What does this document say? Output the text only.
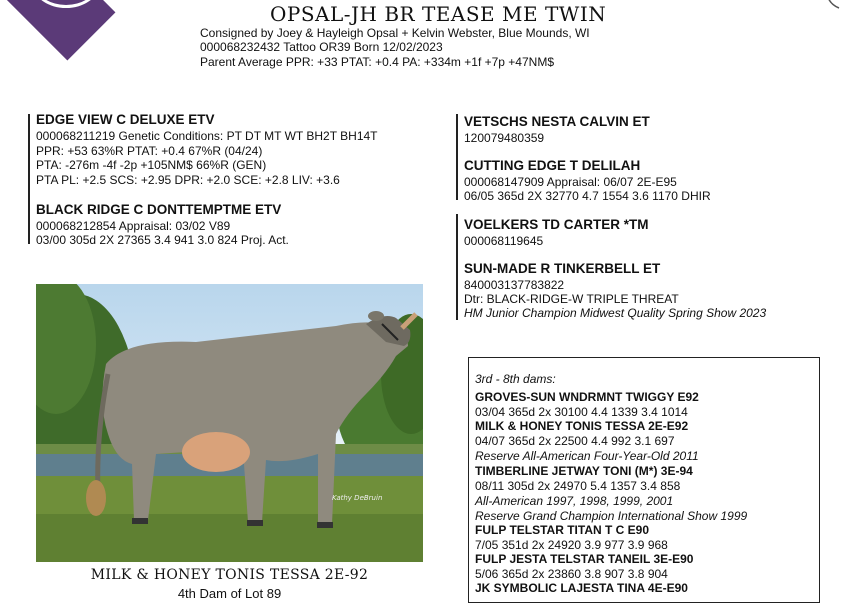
OPSAL-JH BR TEASE ME TWIN
Consigned by Joey & Hayleigh Opsal + Kelvin Webster, Blue Mounds, WI
000068232432 Tattoo OR39 Born 12/02/2023
Parent Average PPR: +33 PTAT: +0.4 PA: +334m +1f +7p +47NM$
EDGE VIEW C DELUXE ETV
000068211219 Genetic Conditions: PT DT MT WT BH2T BH14T
PPR: +53 63%R PTAT: +0.4 67%R (04/24)
PTA: -276m -4f -2p +105NM$ 66%R (GEN)
PTA PL: +2.5 SCS: +2.95 DPR: +2.0 SCE: +2.8 LIV: +3.6
BLACK RIDGE C DONTTEMPTME ETV
000068212854 Appraisal: 03/02 V89
03/00 305d 2X 27365 3.4 941 3.0 824 Proj. Act.
VETSCHS NESTA CALVIN ET
120079480359
CUTTING EDGE T DELILAH
000068147909 Appraisal: 06/07 2E-E95
06/05 365d 2X 32770 4.7 1554 3.6 1170 DHIR
VOELKERS TD CARTER *TM
000068119645
SUN-MADE R TINKERBELL ET
840003137783822
Dtr: BLACK-RIDGE-W TRIPLE THREAT
HM Junior Champion Midwest Quality Spring Show 2023
Kathy DeBruin
MILK & HONEY TONIS TESSA 2E-92
4th Dam of Lot 89
3rd - 8th dams:
GROVES-SUN WNDRMNT TWIGGY E92
03/04 365d 2x 30100 4.4 1339 3.4 1014
MILK & HONEY TONIS TESSA 2E-E92
04/07 365d 2x 22500 4.4 992 3.1 697
Reserve All-American Four-Year-Old 2011
TIMBERLINE JETWAY TONI (M*) 3E-94
08/11 305d 2x 24970 5.4 1357 3.4 858
All-American 1997, 1998, 1999, 2001
Reserve Grand Champion International Show 1999
FULP TELSTAR TITAN T C E90
7/05 351d 2x 24920 3.9 977 3.9 968
FULP JESTA TELSTAR TANEIL 3E-E90
5/06 365d 2x 23860 3.8 907 3.8 904
JK SYMBOLIC LAJESTA TINA 4E-E90
